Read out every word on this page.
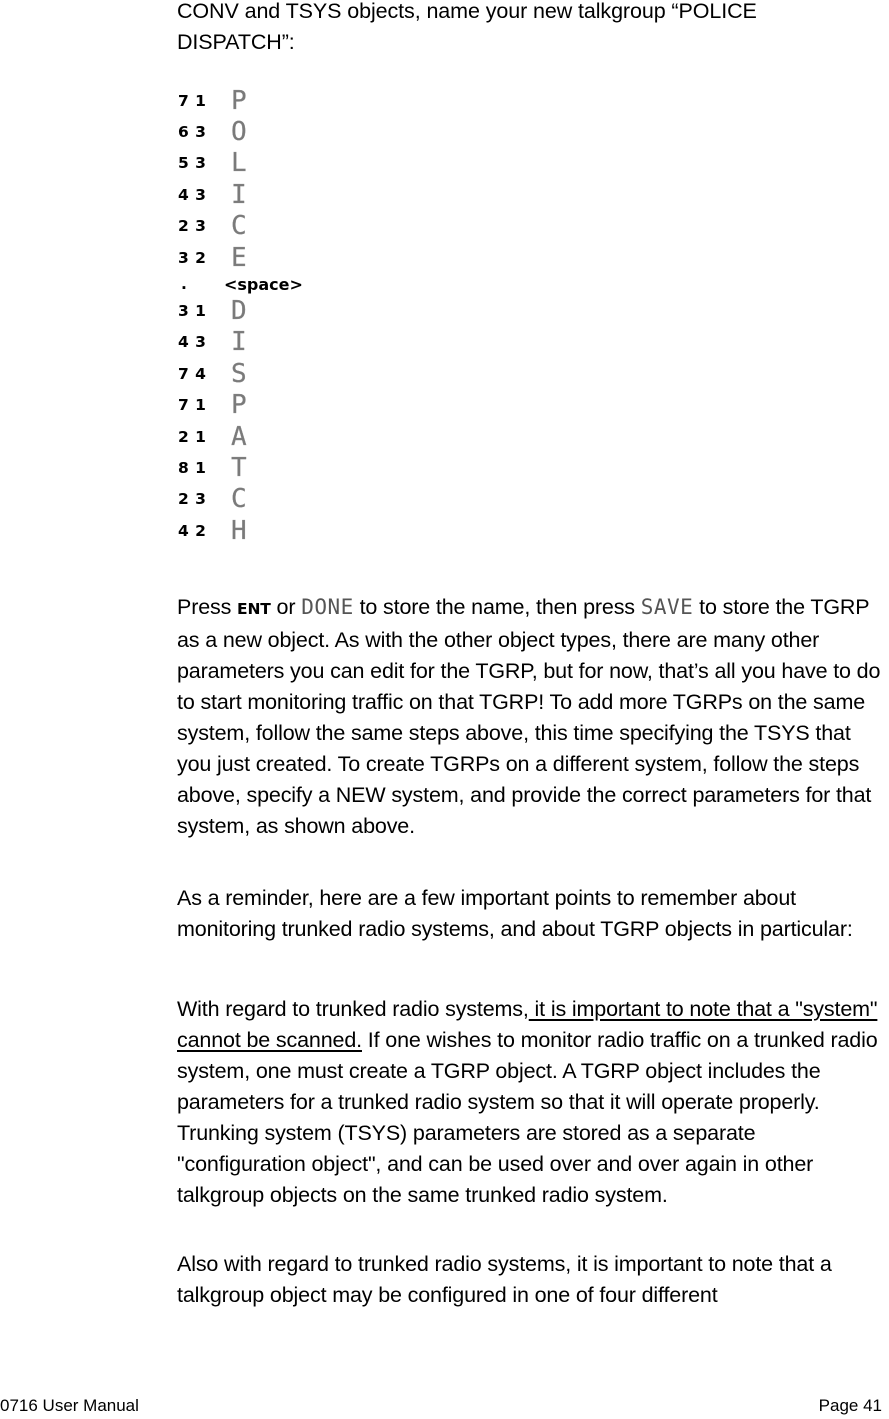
CONV and TSYS objects, name your new talkgroup “POLICE DISPATCH”:
7 1 P
6 3 O
5 3 L
4 3 I
2 3 C
3 2 E
.	<space>
3 1 D
4 3 I
7 4 S
7 1 P
2 1 A
8 1 T
2 3 C
4 2 H

Press ENT or DONE to store the name, then press SAVE to store the TGRP as a new object. As with the other object types, there are many other parameters you can edit for the TGRP, but for now, that’s all you have to do to start monitoring traffic on that TGRP! To add more TGRPs on the same system, follow the same steps above, this time specifying the TSYS that you just created. To create TGRPs on a different system, follow the steps above, specify a NEW system, and provide the correct parameters for that system, as shown above.

As a reminder, here are a few important points to remember about monitoring trunked radio systems, and about TGRP objects in particular:

With regard to trunked radio systems, it is important to note that a "system" cannot be scanned. If one wishes to monitor radio traffic on a trunked radio system, one must create a TGRP object. A TGRP object includes the parameters for a trunked radio system so that it will operate properly. Trunking system (TSYS) parameters are stored as a separate "configuration object", and can be used over and over again in other talkgroup objects on the same trunked radio system.

Also with regard to trunked radio systems, it is important to note that a talkgroup object may be configured in one of four different

0716 User Manual	Page 41
